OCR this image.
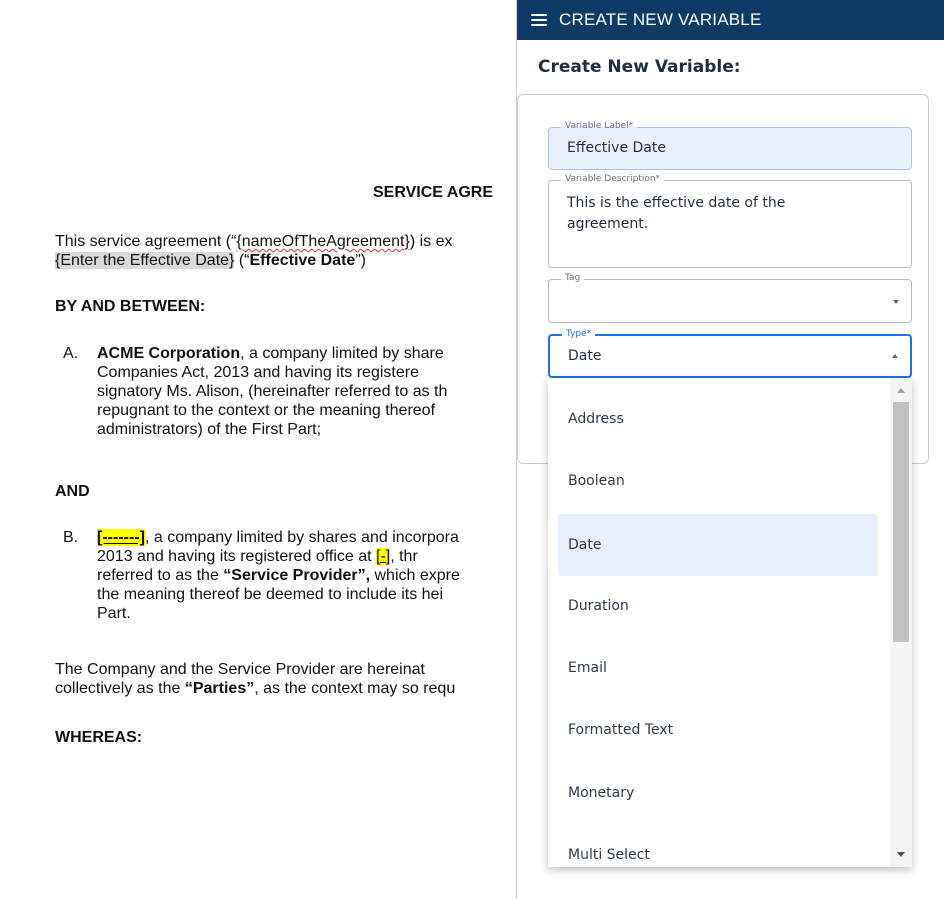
SERVICE AGRE
This service agreement (“{nameOfTheAgreement}) is ex
{Enter the Effective Date} (“Effective Date”)
BY AND BETWEEN:
A. ACME Corporation, a company limited by share
Companies Act, 2013 and having its registere
signatory Ms. Alison, (hereinafter referred to as th
repugnant to the context or the meaning thereof
administrators) of the First Part;
AND
B. [-------], a company limited by shares and incorpora
2013 and having its registered office at [-], thr
referred to as the “Service Provider”, which expre
the meaning thereof be deemed to include its hei
Part.
The Company and the Service Provider are hereinat
collectively as the “Parties”, as the context may so requ
WHEREAS:
CREATE NEW VARIABLE
Create New Variable:
Variable Label*
Effective Date
Variable Description*
This is the effective date of the
agreement.
Tag
Type*
Date
Address
Boolean
Date
Duration
Email
Formatted Text
Monetary
Multi Select
